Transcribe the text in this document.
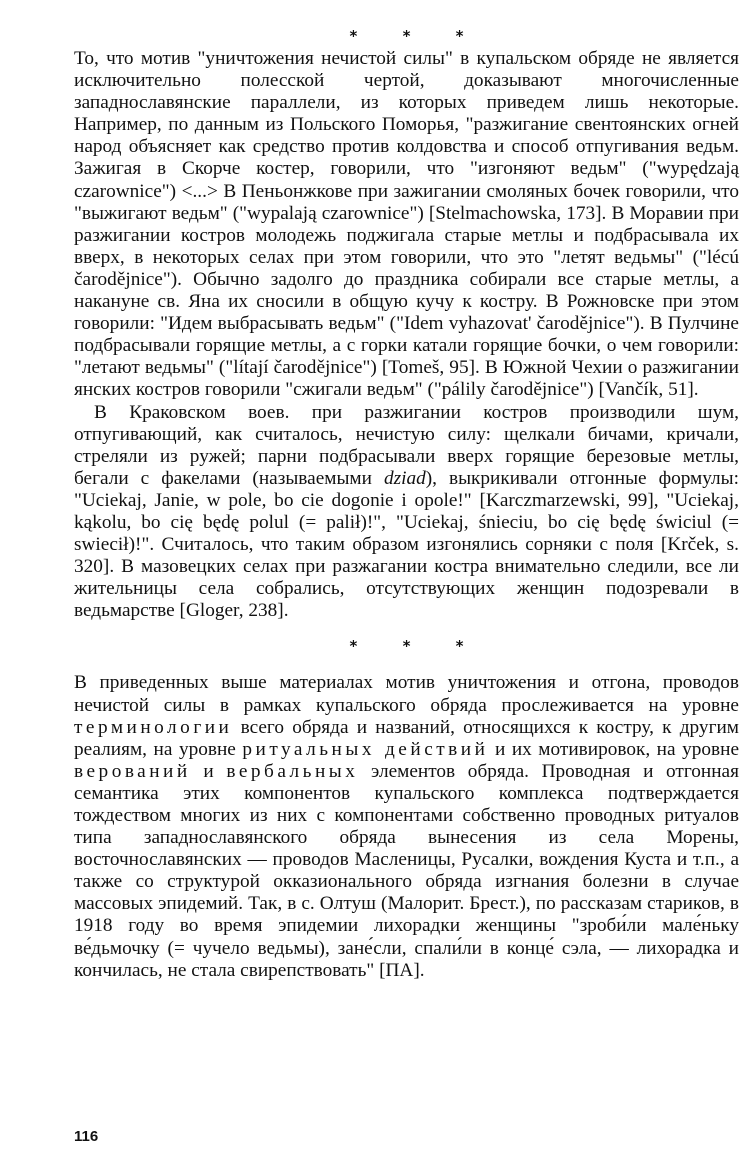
* * *

То, что мотив "уничтожения нечистой силы" в купальском обряде не является исключительно полесской чертой, доказывают многочисленные западнославянские параллели, из которых приведем лишь некоторые. Например, по данным из Польского Поморья, "разжигание свентоянских огней народ объясняет как средство против колдовства и способ отпугивания ведьм. Зажигая в Скорче костер, говорили, что "изгоняют ведьм" ("wypędzają czarownice") <...> В Пеньонжкове при зажигании смоляных бочек говорили, что "выжигают ведьм" ("wypalają czarownice") [Stelmachowska, 173]. В Моравии при разжигании костров молодежь поджигала старые метлы и подбрасывала их вверх, в некоторых селах при этом говорили, что это "летят ведьмы" ("lécú čarodějnice"). Обычно задолго до праздника собирали все старые метлы, а накануне св. Яна их сносили в общую кучу к костру. В Рожновске при этом говорили: "Идем выбрасывать ведьм" ("Idem vyhazovat' čarodějnice"). В Пулчине подбрасывали горящие метлы, а с горки катали горящие бочки, о чем говорили: "летают ведьмы" ("lítají čarodějnice") [Tomeš, 95]. В Южной Чехии о разжигании янских костров говорили "сжигали ведьм" ("pálily čarodějnice") [Vančík, 51].

В Краковском воев. при разжигании костров производили шум, отпугивающий, как считалось, нечистую силу: щелкали бичами, кричали, стреляли из ружей; парни подбрасывали вверх горящие березовые метлы, бегали с факелами (называемыми dziad), выкрикивали отгонные формулы: "Uciekaj, Janie, w pole, bo cie dogonie i opole!" [Karczmarzewski, 99], "Uciekaj, kąkolu, bo cię będę polul (= palił)!", "Uciekaj, śnieciu, bo cię będę świciul (= swiecił)!". Считалось, что таким образом изгонялись сорняки с поля [Krček, s. 320]. В мазовецких селах при разжагании костра внимательно следили, все ли жительницы села собрались, отсутствующих женщин подозревали в ведьмарстве [Gloger, 238].

* * *

В приведенных выше материалах мотив уничтожения и отгона, проводов нечистой силы в рамках купальского обряда прослеживается на уровне терминологии всего обряда и названий, относящихся к костру, к другим реалиям, на уровне ритуальных действий и их мотивировок, на уровне верований и вербальных элементов обряда. Проводная и отгонная семантика этих компонентов купальского комплекса подтверждается тождеством многих из них с компонентами собственно проводных ритуалов типа западнославянского обряда вынесения из села Морены, восточнославянских — проводов Масленицы, Русалки, вождения Куста и т.п., а также со структурой окказионального обряда изгнания болезни в случае массовых эпидемий. Так, в с. Олтуш (Малорит. Брест.), по рассказам стариков, в 1918 году во время эпидемии лихорадки женщины "зроби́ли мале́ньку ве́дьмочку (= чучело ведьмы), зане́сли, спали́ли в конце́ сэла, — лихорадка и кончилась, не стала свирепствовать" [ПА].

116
